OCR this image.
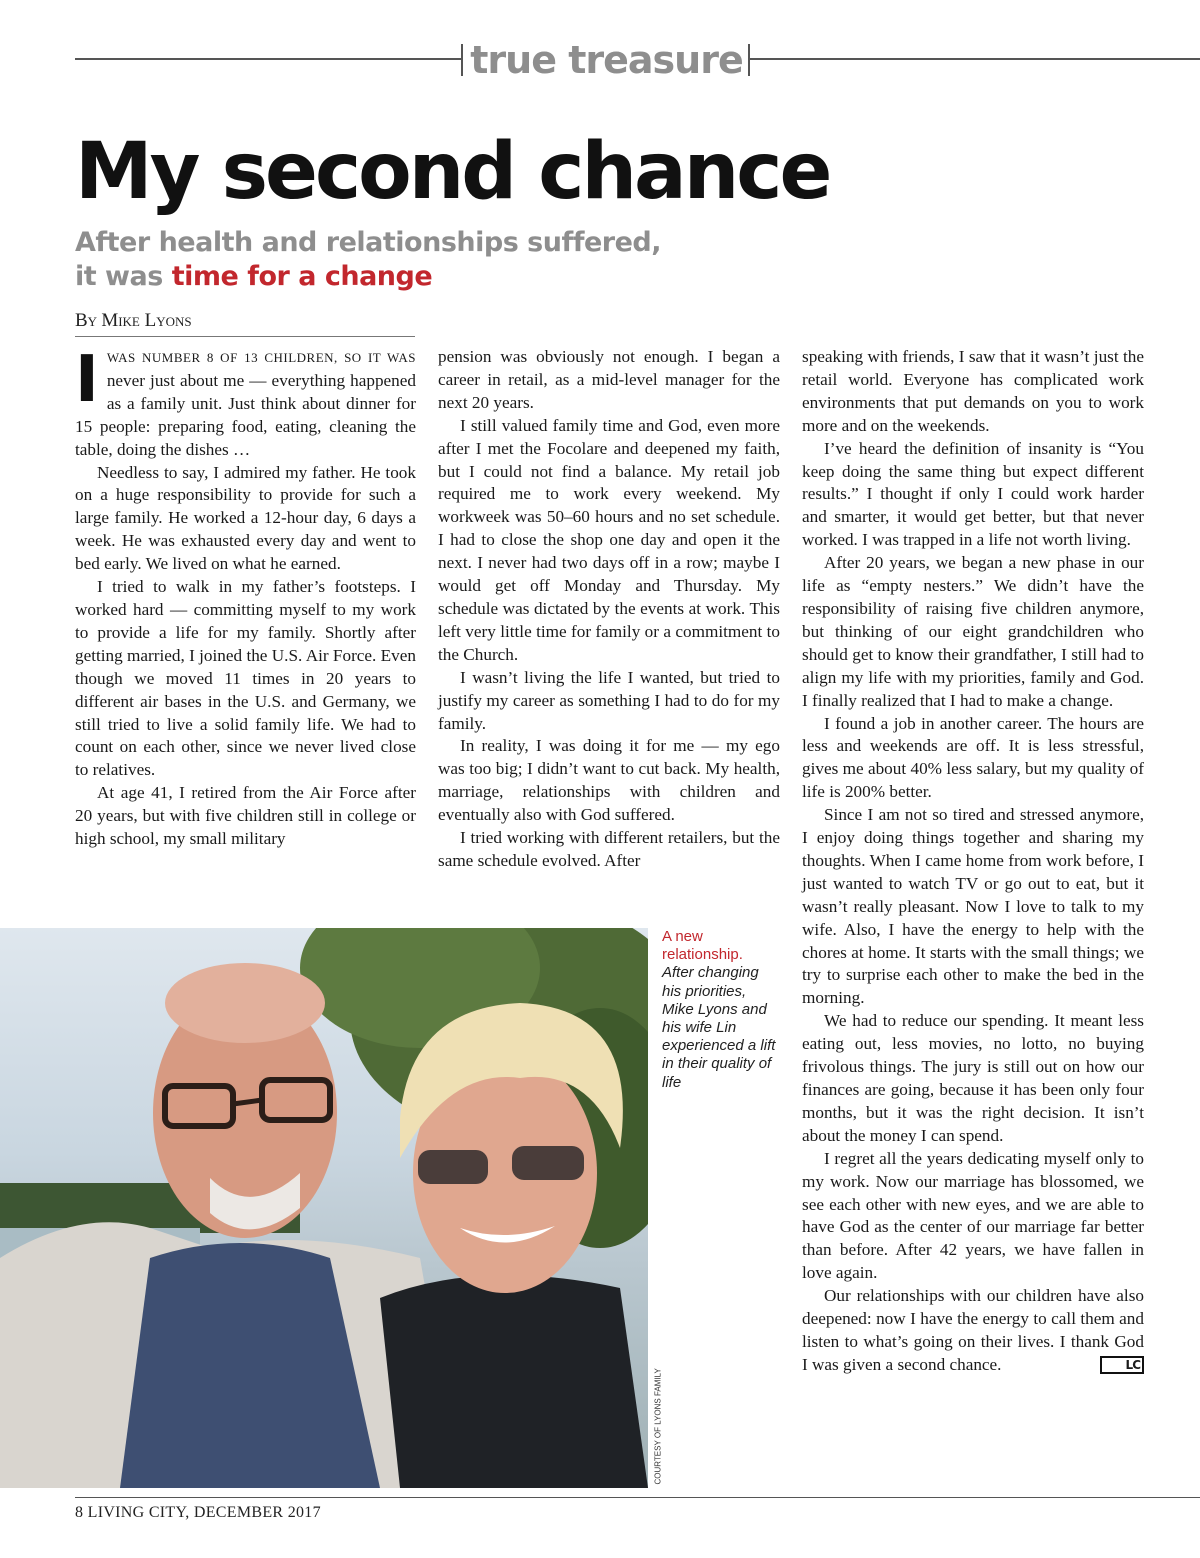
true treasure
My second chance
After health and relationships suffered,
it was time for a change
By Mike Lyons

IWAS NUMBER 8 OF 13 CHILDREN, SO IT WAS never just about me — everything happened as a family unit. Just think about dinner for 15 people: preparing food, eating, cleaning the table, doing the dishes …

Needless to say, I admired my father. He took on a huge responsibility to provide for such a large family. He worked a 12-hour day, 6 days a week. He was exhausted every day and went to bed early. We lived on what he earned.

I tried to walk in my father’s footsteps. I worked hard — committing myself to my work to provide a life for my family. Shortly after getting married, I joined the U.S. Air Force. Even though we moved 11 times in 20 years to different air bases in the U.S. and Germany, we still tried to live a solid family life. We had to count on each other, since we never lived close to relatives.

At age 41, I retired from the Air Force after 20 years, but with five children still in college or high school, my small military

pension was obviously not enough. I began a career in retail, as a mid-level manager for the next 20 years.

I still valued family time and God, even more after I met the Focolare and deepened my faith, but I could not find a balance. My retail job required me to work every weekend. My workweek was 50–60 hours and no set schedule. I had to close the shop one day and open it the next. I never had two days off in a row; maybe I would get off Monday and Thursday. My schedule was dictated by the events at work. This left very little time for family or a commitment to the Church.

I wasn’t living the life I wanted, but tried to justify my career as something I had to do for my family.

In reality, I was doing it for me — my ego was too big; I didn’t want to cut back. My health, marriage, relationships with children and eventually also with God suffered.

I tried working with different retailers, but the same schedule evolved. After

speaking with friends, I saw that it wasn’t just the retail world. Everyone has complicated work environments that put demands on you to work more and on the weekends.

I’ve heard the definition of insanity is “You keep doing the same thing but expect different results.” I thought if only I could work harder and smarter, it would get better, but that never worked. I was trapped in a life not worth living.

After 20 years, we began a new phase in our life as “empty nesters.” We didn’t have the responsibility of raising five children anymore, but thinking of our eight grandchildren who should get to know their grandfather, I still had to align my life with my priorities, family and God. I finally realized that I had to make a change.

I found a job in another career. The hours are less and weekends are off. It is less stressful, gives me about 40% less salary, but my quality of life is 200% better.

Since I am not so tired and stressed anymore, I enjoy doing things together and sharing my thoughts. When I came home from work before, I just wanted to watch TV or go out to eat, but it wasn’t really pleasant. Now I love to talk to my wife. Also, I have the energy to help with the chores at home. It starts with the small things; we try to surprise each other to make the bed in the morning.

We had to reduce our spending. It meant less eating out, less movies, no lotto, no buying frivolous things. The jury is still out on how our finances are going, because it has been only four months, but it was the right decision. It isn’t about the money I can spend.

I regret all the years dedicating myself only to my work. Now our marriage has blossomed, we see each other with new eyes, and we are able to have God as the center of our marriage far better than before. After 42 years, we have fallen in love again.

Our relationships with our children have also deepened: now I have the energy to call them and listen to what’s going on their lives. I thank God I was given a second chance.	LC

COURTESY OF LYONS FAMILY
A new relationship.
After changing his priorities, Mike Lyons and his wife Lin experienced a lift in their quality of life
8 LIVING CITY, DECEMBER 2017
